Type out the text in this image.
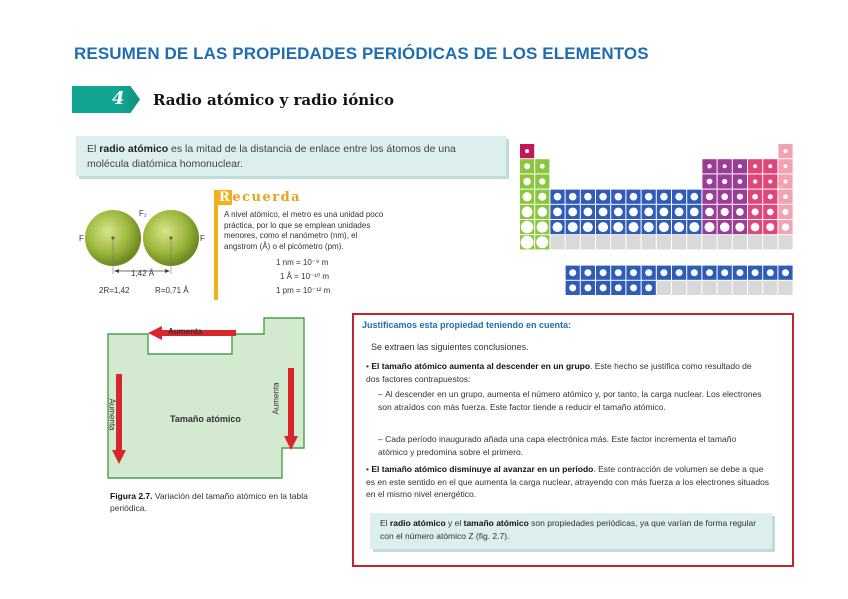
RESUMEN DE LAS PROPIEDADES PERIÓDICAS DE LOS ELEMENTOS
4 Radio atómico y radio iónico
El radio atómico es la mitad de la distancia de enlace entre los átomos de una molécula diatómica homonuclear.
F₂
F	F
1,42 Å
2R=1,42	R=0,71 Å
Recuerda
A nivel atómico, el metro es una unidad poco práctica, por lo que se emplean unidades menores, como el nanómetro (nm), el angstrom (Å) o el picómetro (pm).
1 nm = 10⁻⁹ m
1 Å = 10⁻¹⁰ m
1 pm = 10⁻¹² m
Aumenta
Aumenta	Aumenta
Tamaño atómico
Figura 2.7. Variación del tamaño atómico en la tabla periódica.
Justificamos esta propiedad teniendo en cuenta:
Se extraen las siguientes conclusiones.
• El tamaño atómico aumenta al descender en un grupo. Este hecho se justifica como resultado de dos factores contrapuestos:
– Al descender en un grupo, aumenta el número atómico y, por tanto, la carga nuclear. Los electrones son atraídos con más fuerza. Este factor tiende a reducir el tamaño atómico.
– Cada período inaugurado añada una capa electrónica más. Este factor incrementa el tamaño atómico y predomina sobre el primero.
• El tamaño atómico disminuye al avanzar en un período. Este contracción de volumen se debe a que es en este sentido en el que aumenta la carga nuclear, atrayendo con más fuerza a los electrones situados en el mismo nivel energético.
El radio atómico y el tamaño atómico son propiedades periódicas, ya que varían de forma regular con el número atómico Z (fig. 2.7).
